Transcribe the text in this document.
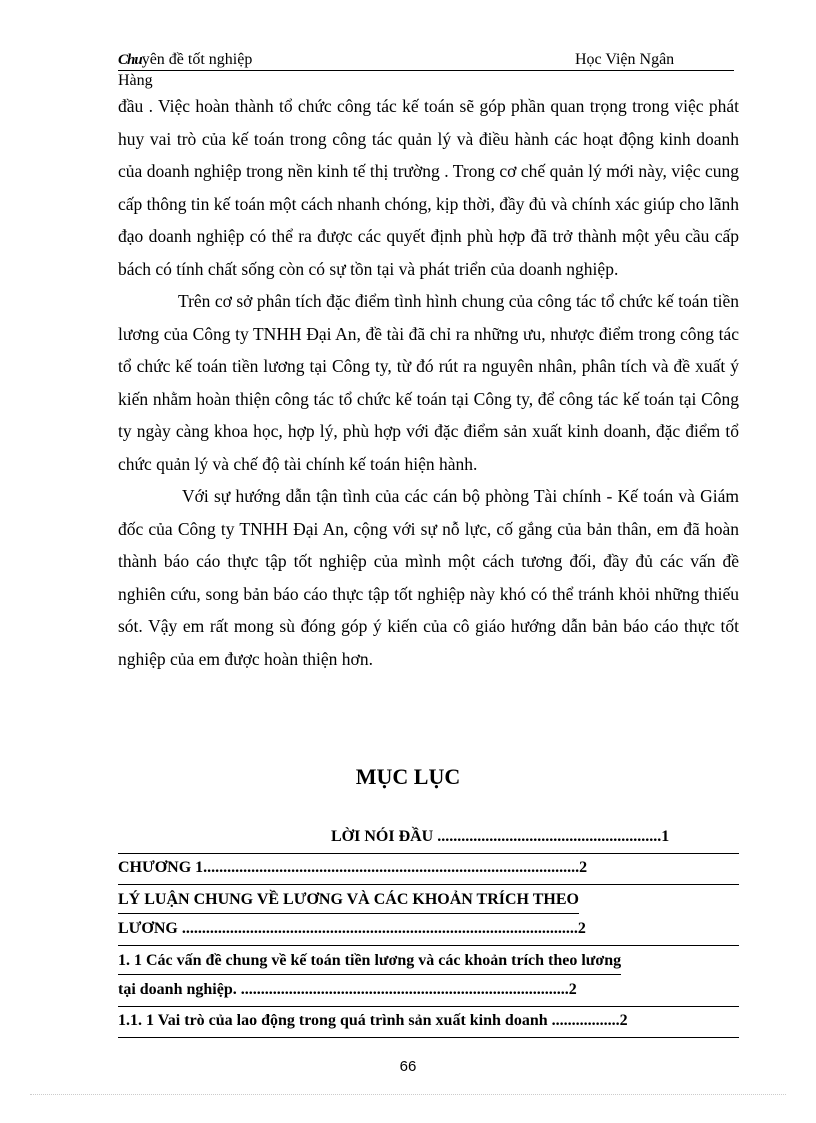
Chuyên đề tốt nghiệp	Học Viện Ngân
Hàng

đầu . Việc hoàn thành tổ chức công tác kế toán sẽ góp phần quan trọng trong việc phát huy vai trò của kế toán trong công tác quản lý và điều hành các hoạt động kinh doanh của doanh nghiệp trong nền kinh tế thị trường . Trong cơ chế quản lý mới này, việc cung cấp thông tin kế toán một cách nhanh chóng, kịp thời, đầy đủ và chính xác giúp cho lãnh đạo doanh nghiệp có thể ra được các quyết định phù hợp đã trở thành một yêu cầu cấp bách có tính chất sống còn có sự tồn tại và phát triển của doanh nghiệp.

Trên cơ sở phân tích đặc điểm tình hình chung của công tác tổ chức kế toán tiền lương của Công ty TNHH Đại An, đề tài đã chỉ ra những ưu, nhược điểm trong công tác tổ chức kế toán tiền lương tại Công ty, từ đó rút ra nguyên nhân, phân tích và đề xuất ý kiến nhằm hoàn thiện công tác tổ chức kế toán tại Công ty, để công tác kế toán tại Công ty ngày càng khoa học, hợp lý, phù hợp với đặc điểm sản xuất kinh doanh, đặc điểm tổ chức quản lý và chế độ tài chính kế toán hiện hành.

Với sự hướng dẫn tận tình của các cán bộ phòng Tài chính - Kế toán và Giám đốc của Công ty TNHH Đại An, cộng với sự nỗ lực, cố gắng của bản thân, em đã hoàn thành báo cáo thực tập tốt nghiệp của mình một cách tương đối, đầy đủ các vấn đề nghiên cứu, song bản báo cáo thực tập tốt nghiệp này khó có thể tránh khỏi những thiếu sót. Vậy em rất mong sù đóng góp ý kiến của cô giáo hướng dẫn bản báo cáo thực tốt nghiệp của em được hoàn thiện hơn.

MỤC LỤC
LỜI NÓI ĐẦU ........................................................1
CHƯƠNG 1..............................................................................................2
LÝ LUẬN CHUNG VỀ LƯƠNG VÀ CÁC KHOẢN TRÍCH THEO
LƯƠNG ...................................................................................................2
1. 1 Các vấn đề chung về kế toán tiền lương và các khoản trích theo lương
tại doanh nghiệp. ..................................................................................2
1.1. 1 Vai trò của lao động trong quá trình sản xuất kinh doanh .................2
66
